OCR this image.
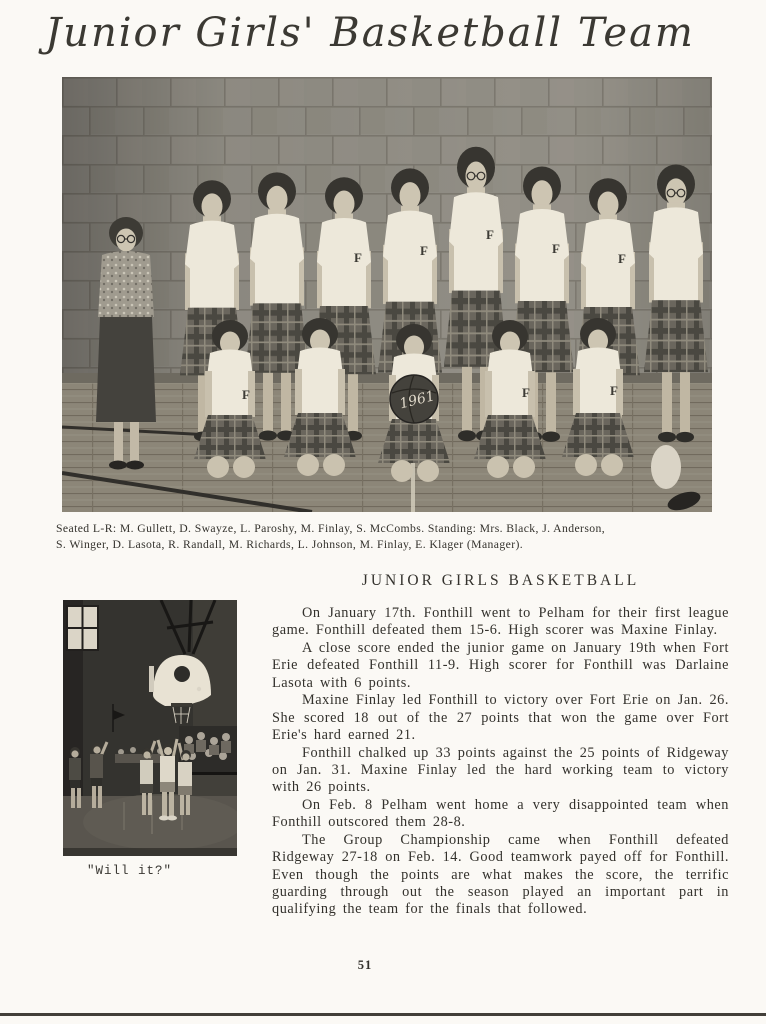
Junior Girls' Basketball Team
F	F
F
F
F
F	F	F
1961
Seated L-R: M. Gullett, D. Swayze, L. Paroshy, M. Finlay, S. McCombs. Standing: Mrs. Black, J. Anderson,
S. Winger, D. Lasota, R. Randall, M. Richards, L. Johnson, M. Finlay, E. Klager (Manager).
JUNIOR GIRLS BASKETBALL

On January 17th. Fonthill went to Pelham for their first league game. Fonthill defeated them 15-6. High scorer was Maxine Finlay.

A close score ended the junior game on January 19th when Fort Erie defeated Fonthill 11-9. High scorer for Fonthill was Darlaine Lasota with 6 points.

Maxine Finlay led Fonthill to victory over Fort Erie on Jan. 26. She scored 18 out of the 27 points that won the game over Fort Erie's hard earned 21.

Fonthill chalked up 33 points against the 25 points of Ridgeway on Jan. 31. Maxine Finlay led the hard working team to victory with 26 points.

On Feb. 8 Pelham went home a very disappointed team when Fonthill outscored them 28-8.

The Group Championship came when Fonthill defeated Ridgeway 27-18 on Feb. 14. Good teamwork payed off for Fonthill. Even though the points are what makes the score, the terrific guarding through out the season played an important part in qualifying the team for the finals that followed.

"Will it?"
51
